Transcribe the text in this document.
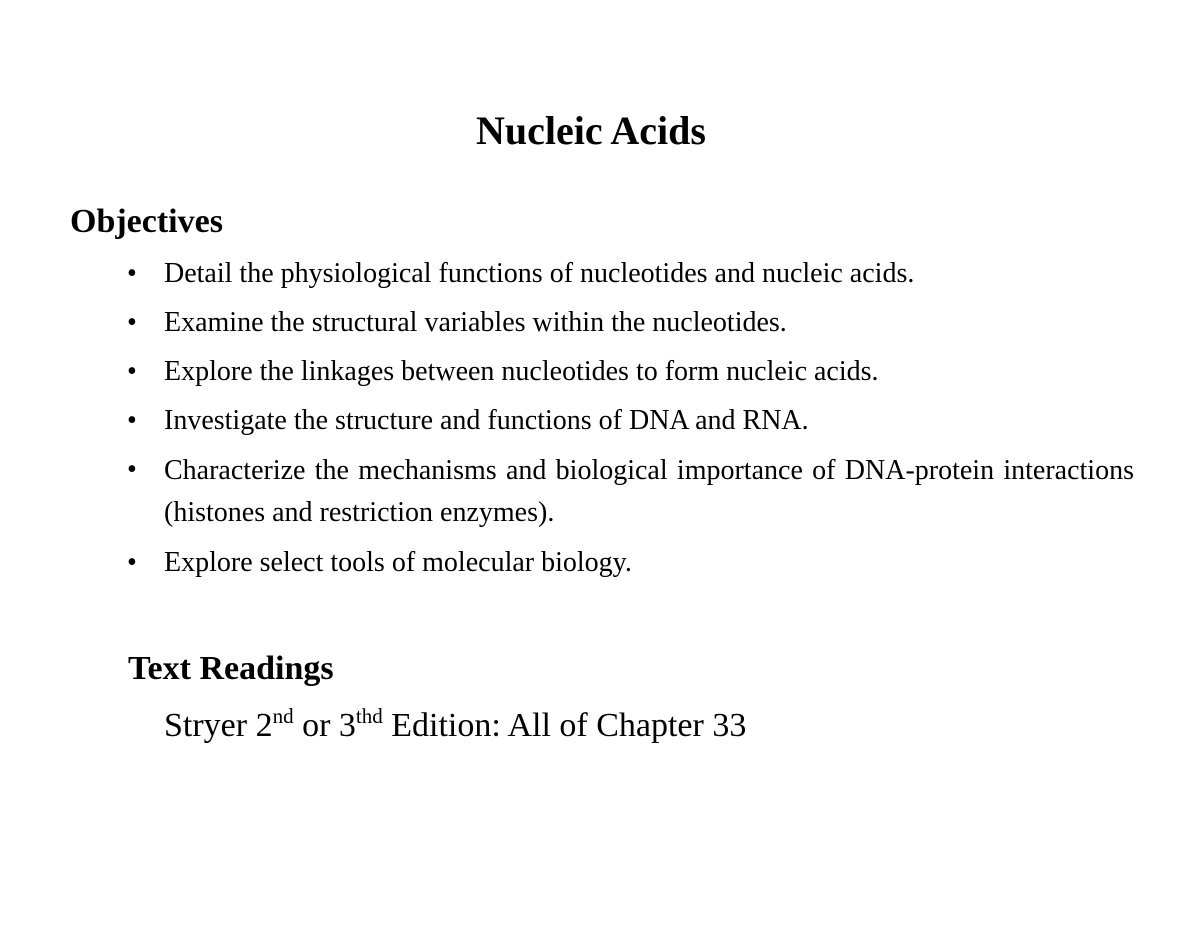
Nucleic Acids
Objectives
• Detail the physiological functions of nucleotides and nucleic acids.
• Examine the structural variables within the nucleotides.
• Explore the linkages between nucleotides to form nucleic acids.
• Investigate the structure and functions of DNA and RNA.
• Characterize the mechanisms and biological importance of DNA-protein interactions (histones and restriction enzymes).
• Explore select tools of molecular biology.
Text Readings

Stryer 2nd or $3^{thd}$ Edition: All of Chapter 33
